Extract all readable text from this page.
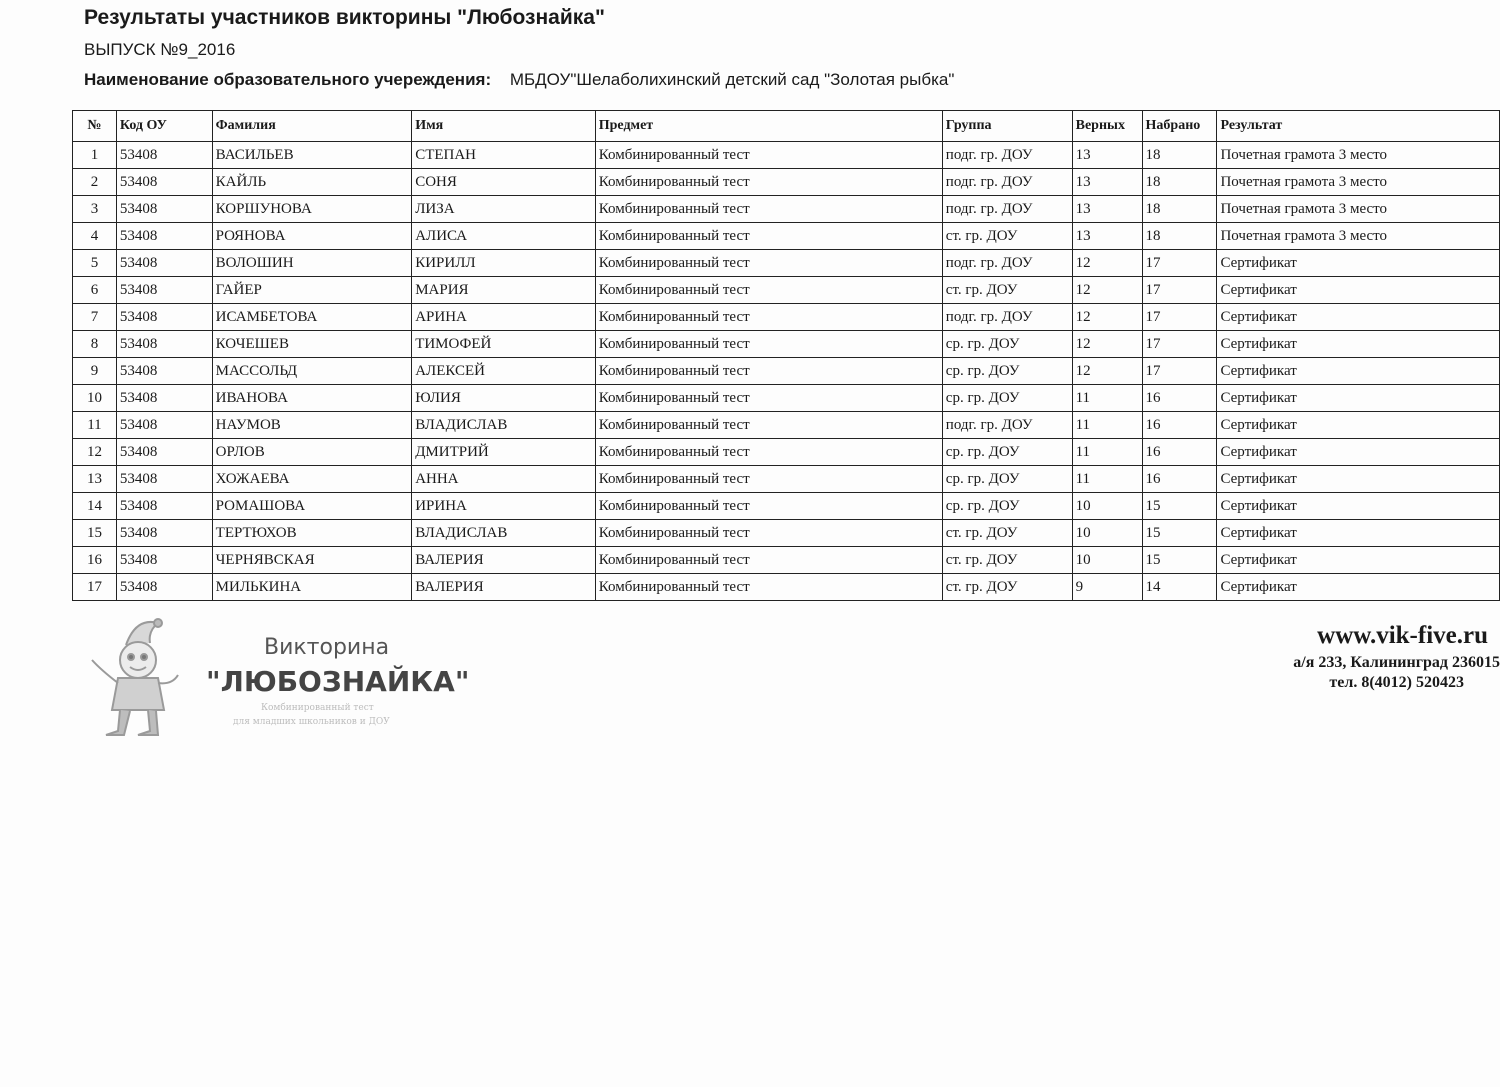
Результаты участников викторины "Любознайка"
ВЫПУСК №9_2016
Наименование образовательного учереждения: МБДОУ"Шелаболихинский детский сад "Золотая рыбка"
№	Код ОУ	Фамилия	Имя	Предмет	Группа	Верных	Набрано	Результат
1	53408	ВАСИЛЬЕВ	СТЕПАН	Комбинированный тест	подг. гр. ДОУ	13	18	Почетная грамота 3 место
2	53408	КАЙЛЬ	СОНЯ	Комбинированный тест	подг. гр. ДОУ	13	18	Почетная грамота 3 место
3	53408	КОРШУНОВА	ЛИЗА	Комбинированный тест	подг. гр. ДОУ	13	18	Почетная грамота 3 место
4	53408	РОЯНОВА	АЛИСА	Комбинированный тест	ст. гр. ДОУ	13	18	Почетная грамота 3 место
5	53408	ВОЛОШИН	КИРИЛЛ	Комбинированный тест	подг. гр. ДОУ	12	17	Сертификат
6	53408	ГАЙЕР	МАРИЯ	Комбинированный тест	ст. гр. ДОУ	12	17	Сертификат
7	53408	ИСАМБЕТОВА	АРИНА	Комбинированный тест	подг. гр. ДОУ	12	17	Сертификат
8	53408	КОЧЕШЕВ	ТИМОФЕЙ	Комбинированный тест	ср. гр. ДОУ	12	17	Сертификат
9	53408	МАССОЛЬД	АЛЕКСЕЙ	Комбинированный тест	ср. гр. ДОУ	12	17	Сертификат
10	53408	ИВАНОВА	ЮЛИЯ	Комбинированный тест	ср. гр. ДОУ	11	16	Сертификат
11	53408	НАУМОВ	ВЛАДИСЛАВ	Комбинированный тест	подг. гр. ДОУ	11	16	Сертификат
12	53408	ОРЛОВ	ДМИТРИЙ	Комбинированный тест	ср. гр. ДОУ	11	16	Сертификат
13	53408	ХОЖАЕВА	АННА	Комбинированный тест	ср. гр. ДОУ	11	16	Сертификат
14	53408	РОМАШОВА	ИРИНА	Комбинированный тест	ср. гр. ДОУ	10	15	Сертификат
15	53408	ТЕРТЮХОВ	ВЛАДИСЛАВ	Комбинированный тест	ст. гр. ДОУ	10	15	Сертификат
16	53408	ЧЕРНЯВСКАЯ	ВАЛЕРИЯ	Комбинированный тест	ст. гр. ДОУ	10	15	Сертификат
17	53408	МИЛЬКИНА	ВАЛЕРИЯ	Комбинированный тест	ст. гр. ДОУ	9	14	Сертификат
Викторина
"ЛЮБОЗНАЙКА"
Комбинированный тест
для младших школьников и ДОУ
www.vik-five.ru
а/я 233, Калининград 236015
тел. 8(4012) 520423
